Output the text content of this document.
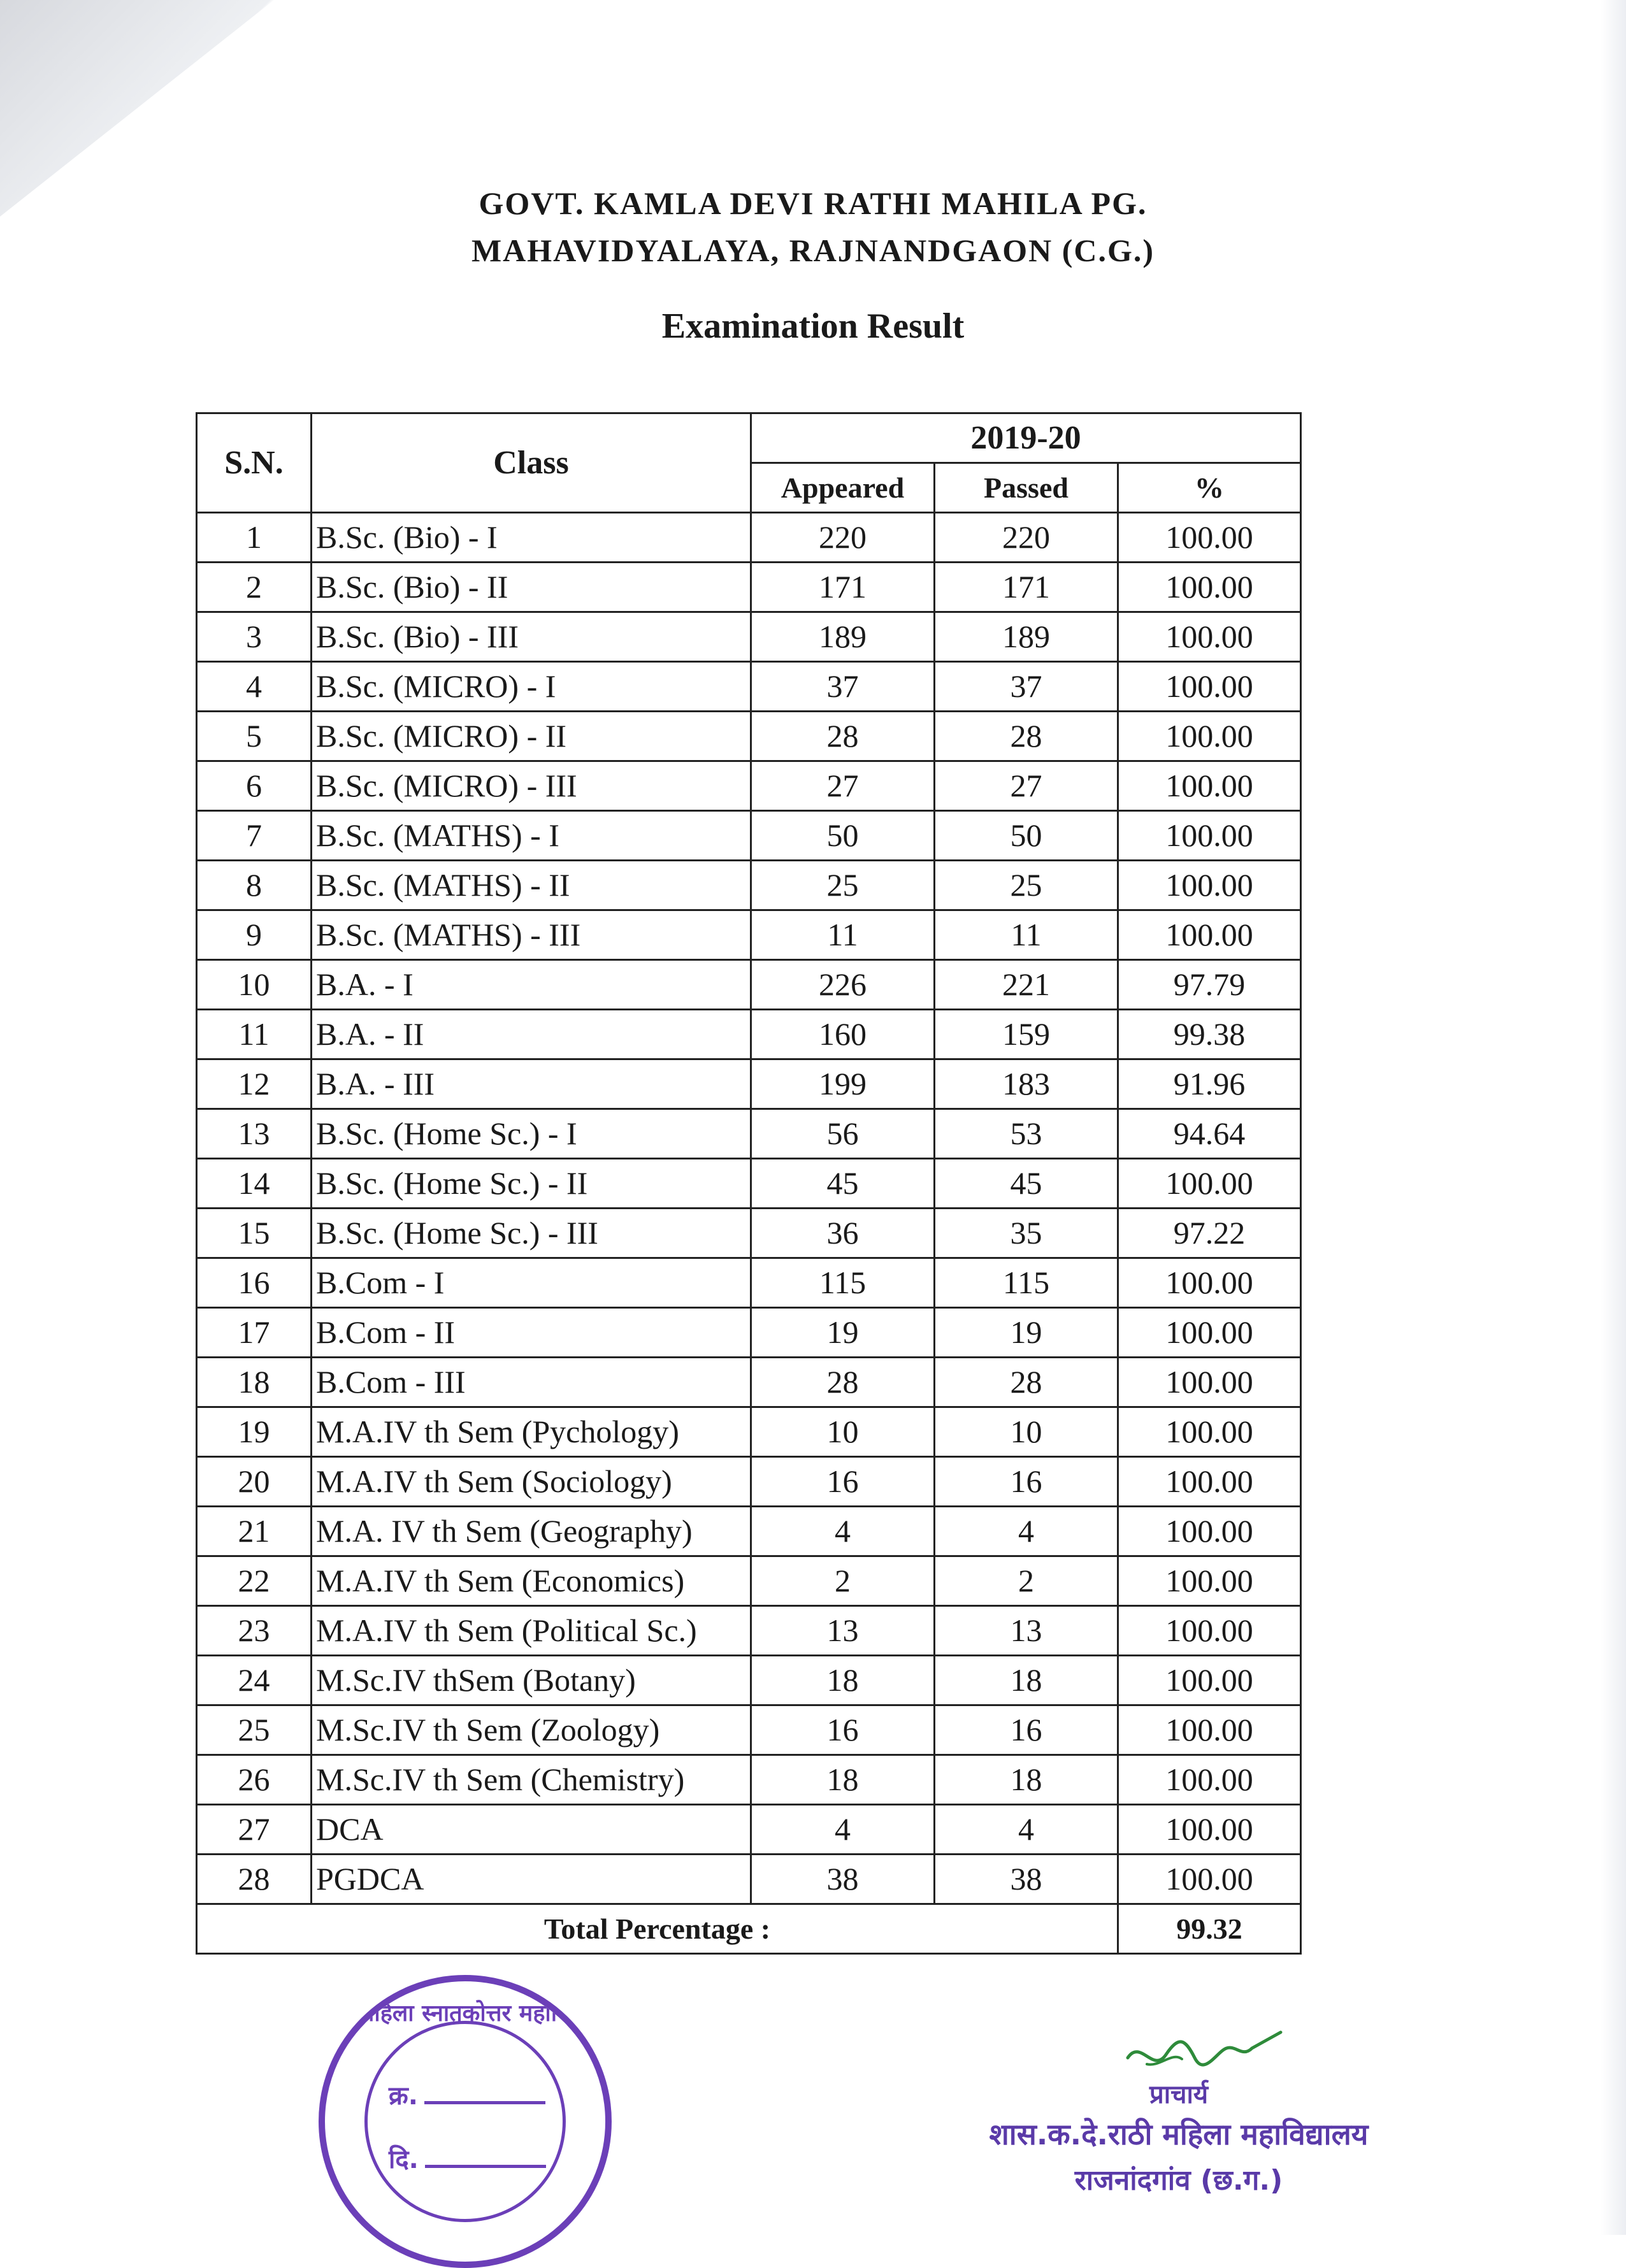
GOVT. KAMLA DEVI RATHI MAHILA PG.
MAHAVIDYALAYA, RAJNANDGAON (C.G.)
Examination Result
S.N.	Class	2019-20		
		Appeared	Passed	%
1	B.Sc. (Bio) - I	220	220	100.00
2	B.Sc. (Bio) - II	171	171	100.00
3	B.Sc. (Bio) - III	189	189	100.00
4	B.Sc. (MICRO) - I	37	37	100.00
5	B.Sc. (MICRO) - II	28	28	100.00
6	B.Sc. (MICRO) - III	27	27	100.00
7	B.Sc. (MATHS) - I	50	50	100.00
8	B.Sc. (MATHS) - II	25	25	100.00
9	B.Sc. (MATHS) - III	11	11	100.00
10	B.A. - I	226	221	97.79
11	B.A. - II	160	159	99.38
12	B.A. - III	199	183	91.96
13	B.Sc. (Home Sc.) - I	56	53	94.64
14	B.Sc. (Home Sc.) - II	45	45	100.00
15	B.Sc. (Home Sc.) - III	36	35	97.22
16	B.Com - I	115	115	100.00
17	B.Com - II	19	19	100.00
18	B.Com - III	28	28	100.00
19	M.A.IV th Sem (Pychology)	10	10	100.00
20	M.A.IV th Sem (Sociology)	16	16	100.00
21	M.A. IV th Sem (Geography)	4	4	100.00
22	M.A.IV th Sem (Economics)	2	2	100.00
23	M.A.IV th Sem (Political Sc.)	13	13	100.00
24	M.Sc.IV thSem (Botany)	18	18	100.00
25	M.Sc.IV th Sem (Zoology)	16	16	100.00
26	M.Sc.IV th Sem (Chemistry)	18	18	100.00
27	DCA	4	4	100.00
28	PGDCA	38	38	100.00
Total Percentage :				99.32
महिला स्नातकोत्तर महावि
क्र.
दि.
प्राचार्य
शास.क.दे.राठी महिला महाविद्यालय
राजनांदगांव (छ.ग.)
